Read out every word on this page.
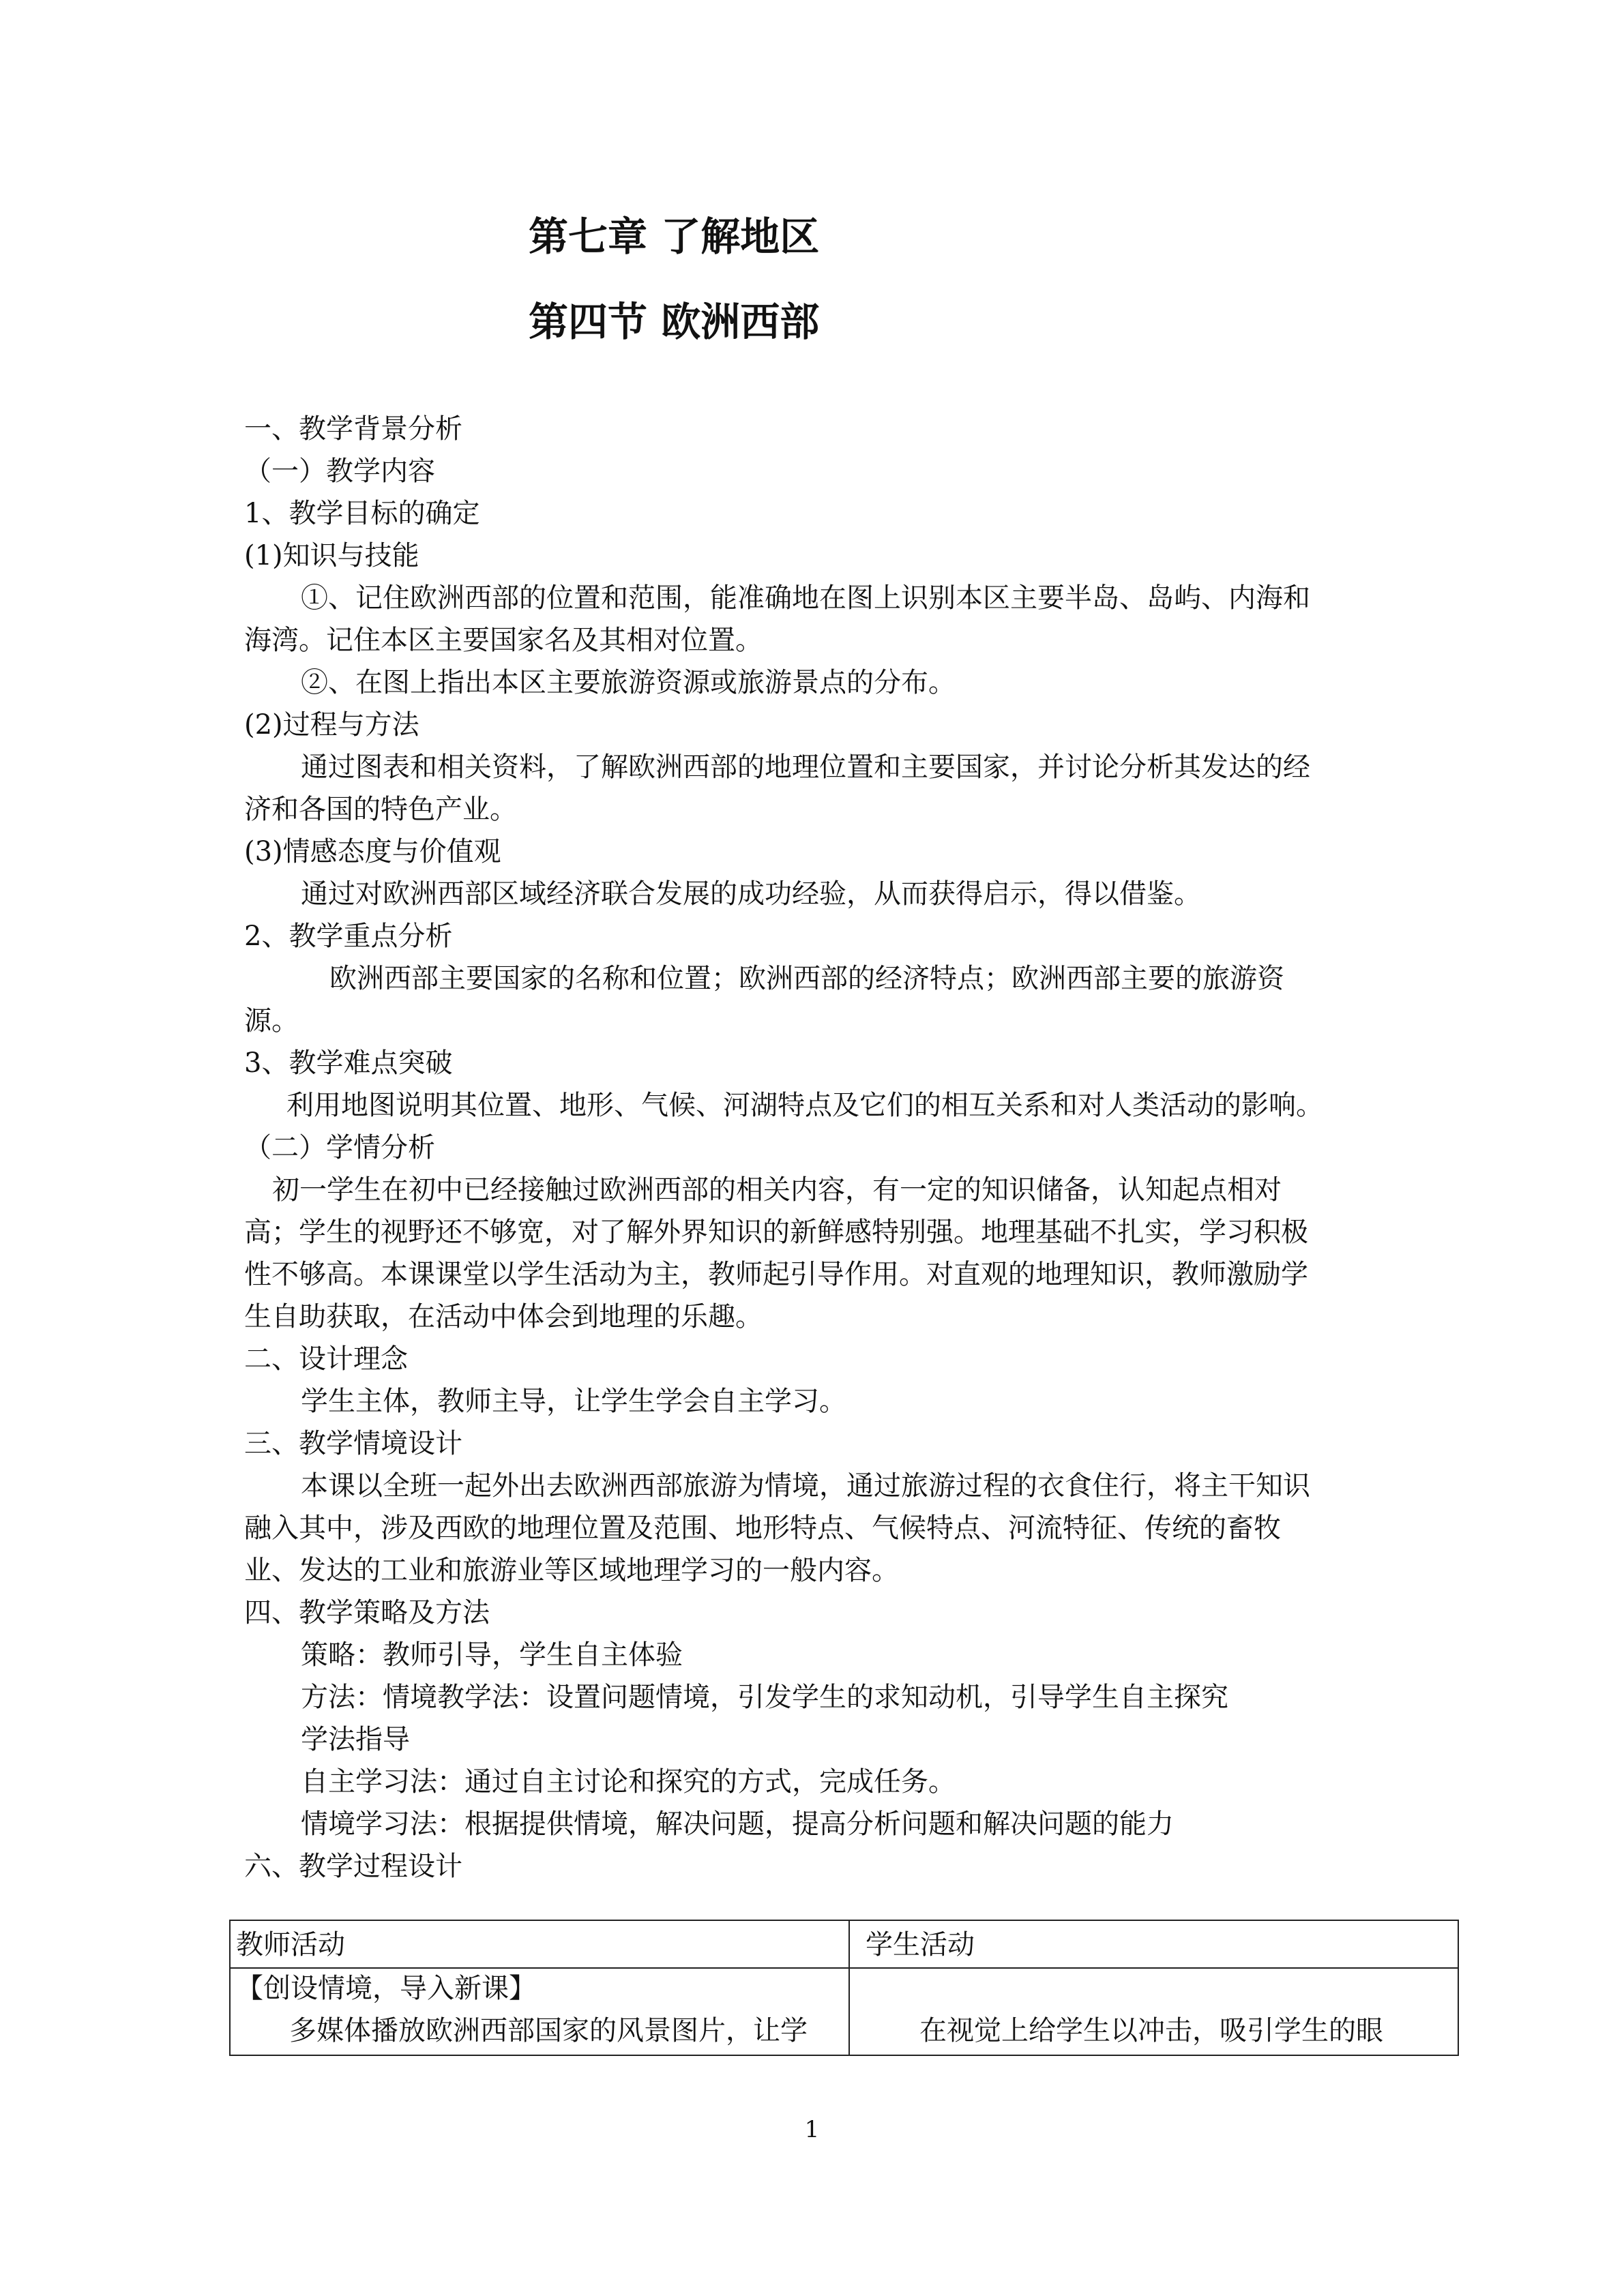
第七章 了解地区
第四节 欧洲西部

一、教学背景分析

（一）教学内容

1、教学目标的确定

(1)知识与技能

①、记住欧洲西部的位置和范围，能准确地在图上识别本区主要半岛、岛屿、内海和

海湾。记住本区主要国家名及其相对位置。

②、在图上指出本区主要旅游资源或旅游景点的分布。

(2)过程与方法

通过图表和相关资料，了解欧洲西部的地理位置和主要国家，并讨论分析其发达的经

济和各国的特色产业。

(3)情感态度与价值观

通过对欧洲西部区域经济联合发展的成功经验，从而获得启示，得以借鉴。

2、教学重点分析

欧洲西部主要国家的名称和位置；欧洲西部的经济特点；欧洲西部主要的旅游资

源。

3、教学难点突破

利用地图说明其位置、地形、气候、河湖特点及它们的相互关系和对人类活动的影响。

（二）学情分析

初一学生在初中已经接触过欧洲西部的相关内容，有一定的知识储备，认知起点相对

高；学生的视野还不够宽，对了解外界知识的新鲜感特别强。地理基础不扎实，学习积极

性不够高。本课课堂以学生活动为主，教师起引导作用。对直观的地理知识，教师激励学

生自助获取，在活动中体会到地理的乐趣。

二、设计理念

学生主体，教师主导，让学生学会自主学习。

三、教学情境设计

本课以全班一起外出去欧洲西部旅游为情境，通过旅游过程的衣食住行，将主干知识

融入其中，涉及西欧的地理位置及范围、地形特点、气候特点、河流特征、传统的畜牧

业、发达的工业和旅游业等区域地理学习的一般内容。

四、教学策略及方法

策略：教师引导，学生自主体验

方法：情境教学法：设置问题情境，引发学生的求知动机，引导学生自主探究

学法指导

自主学习法：通过自主讨论和探究的方式，完成任务。

情境学习法：根据提供情境，解决问题，提高分析问题和解决问题的能力

六、教学过程设计

教师活动	学生活动
【创设情境，导入新课】
多媒体播放欧洲西部国家的风景图片，让学	在视觉上给学生以冲击，吸引学生的眼
1
